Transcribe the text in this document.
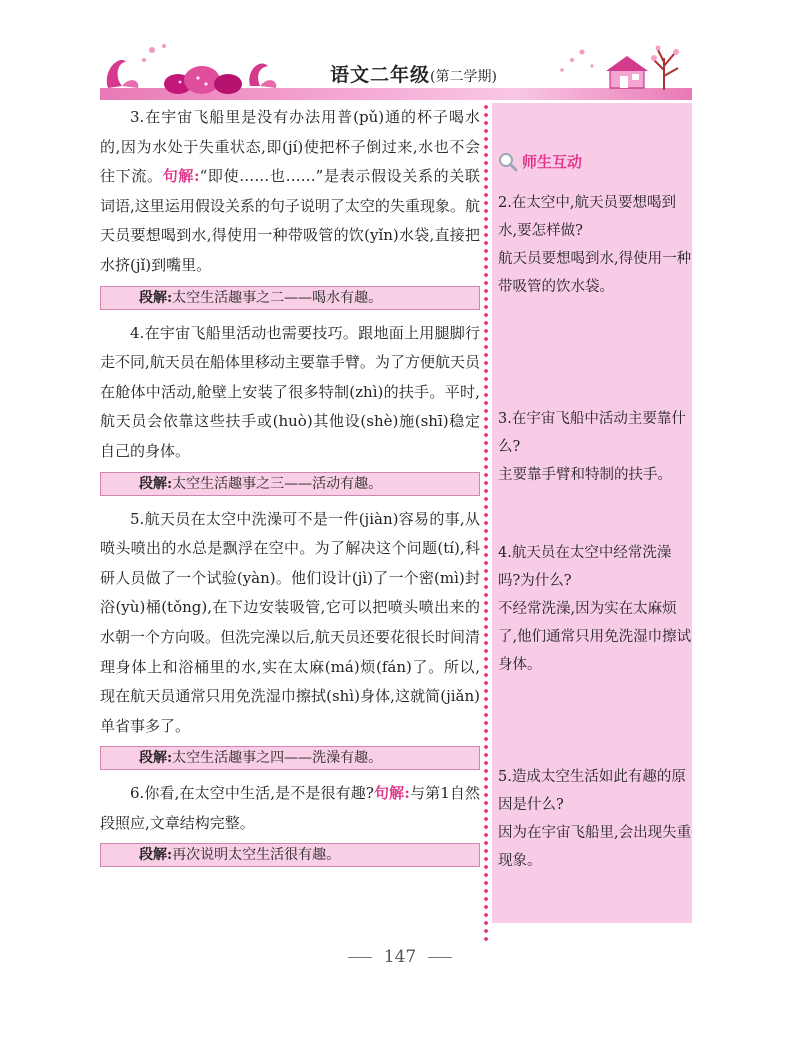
语文二年级(第二学期)

3.在宇宙飞船里是没有办法用普(pǔ)通的杯子喝水的,因为水处于失重状态,即(jí)使把杯子倒过来,水也不会往下流。句解:“即使……也……”是表示假设关系的关联词语,这里运用假设关系的句子说明了太空的失重现象。航天员要想喝到水,得使用一种带吸管的饮(yǐn)水袋,直接把水挤(jǐ)到嘴里。

段解:太空生活趣事之二——喝水有趣。

4.在宇宙飞船里活动也需要技巧。跟地面上用腿脚行走不同,航天员在船体里移动主要靠手臂。为了方便航天员在舱体中活动,舱壁上安装了很多特制(zhì)的扶手。平时,航天员会依靠这些扶手或(huò)其他设(shè)施(shī)稳定自己的身体。

段解:太空生活趣事之三——活动有趣。

5.航天员在太空中洗澡可不是一件(jiàn)容易的事,从喷头喷出的水总是飘浮在空中。为了解决这个问题(tí),科研人员做了一个试验(yàn)。他们设计(jì)了一个密(mì)封浴(yù)桶(tǒng),在下边安装吸管,它可以把喷头喷出来的水朝一个方向吸。但洗完澡以后,航天员还要花很长时间清理身体上和浴桶里的水,实在太麻(má)烦(fán)了。所以,现在航天员通常只用免洗湿巾擦拭(shì)身体,这就简(jiǎn)单省事多了。

段解:太空生活趣事之四——洗澡有趣。

6.你看,在太空中生活,是不是很有趣?句解:与第1自然段照应,文章结构完整。

段解:再次说明太空生活很有趣。
师生互动

2.在太空中,航天员要想喝到水,要怎样做?

航天员要想喝到水,得使用一种带吸管的饮水袋。

3.在宇宙飞船中活动主要靠什么?

主要靠手臂和特制的扶手。

4.航天员在太空中经常洗澡吗?为什么?

不经常洗澡,因为实在太麻烦了,他们通常只用免洗湿巾擦试身体。

5.造成太空生活如此有趣的原因是什么?

因为在宇宙飞船里,会出现失重现象。

147
